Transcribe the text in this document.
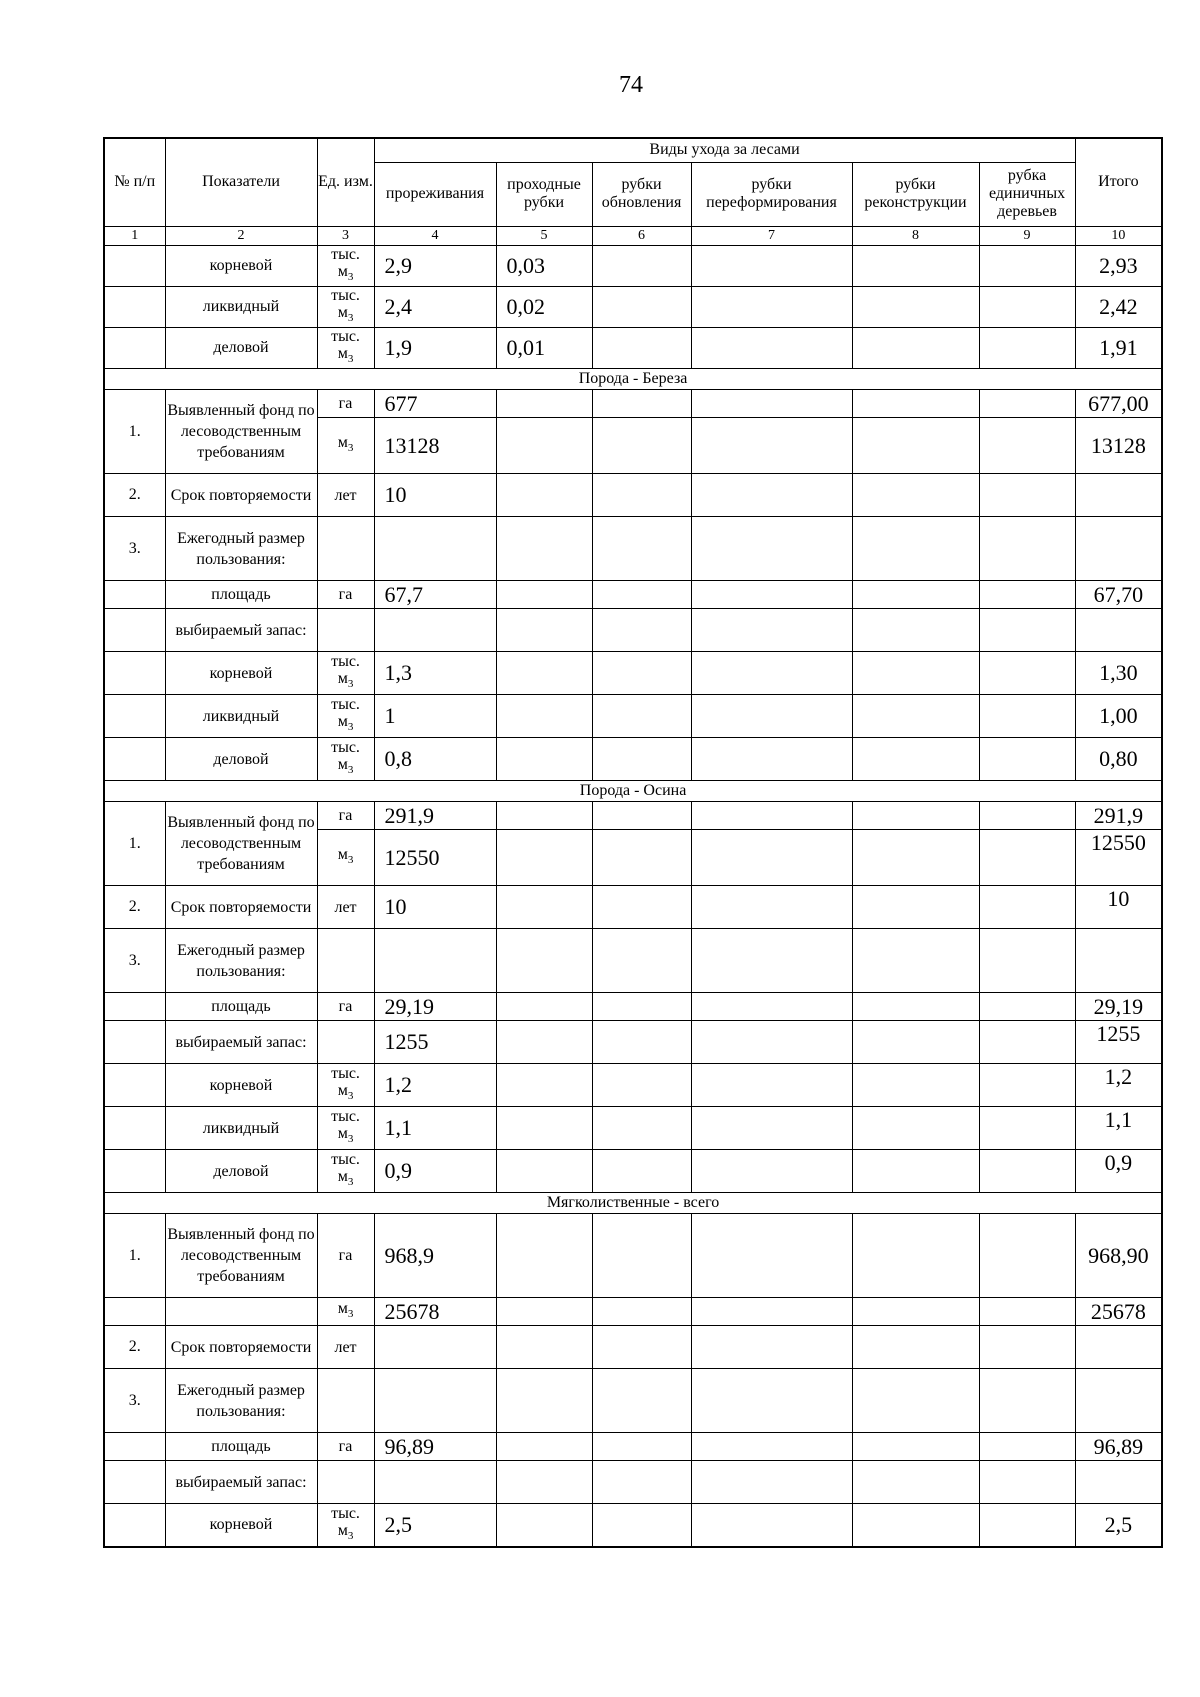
74
№ п/п	Показатели	Ед. изм.	Виды ухода за лесами						Итого
			прореживания	проходные рубки	рубки обновления	рубки переформирования	рубки реконструкции	рубка единичных деревьев	
1	2	3	4	5	6	7	8	9	10
	корневой	тыс.
$м_3$	2,9	0,03					2,93
	ликвидный	тыс.
$м_3$	2,4	0,02					2,42
	деловой	тыс.
$м_3$	1,9	0,01					1,91
Порода - Береза									
1.	Выявленный фонд по лесоводственным требованиям	га	677						677,00
		$м_3$	13128						13128
2.	Срок повторяемости	лет	10						
3.	Ежегодный размер пользования:								
	площадь	га	67,7						67,70
	выбираемый запас:								
	корневой	тыс.
$м_3$	1,3						1,30
	ликвидный	тыс.
$м_3$	1						1,00
	деловой	тыс.
$м_3$	0,8						0,80
Порода - Осина									
1.	Выявленный фонд по лесоводственным требованиям	га	291,9						291,9
		$м_3$	12550						12550
2.	Срок повторяемости	лет	10						10
3.	Ежегодный размер пользования:								
	площадь	га	29,19						29,19
	выбираемый запас:		1255						1255
	корневой	тыс.
$м_3$	1,2						1,2
	ликвидный	тыс.
$м_3$	1,1						1,1
	деловой	тыс.
$м_3$	0,9						0,9
Мягколиственные - всего									
1.	Выявленный фонд по лесоводственным требованиям	га	968,9						968,90
		$м_3$	25678						25678
2.	Срок повторяемости	лет							
3.	Ежегодный размер пользования:								
	площадь	га	96,89						96,89
	выбираемый запас:								
	корневой	тыс.
$м_3$	2,5						2,5
